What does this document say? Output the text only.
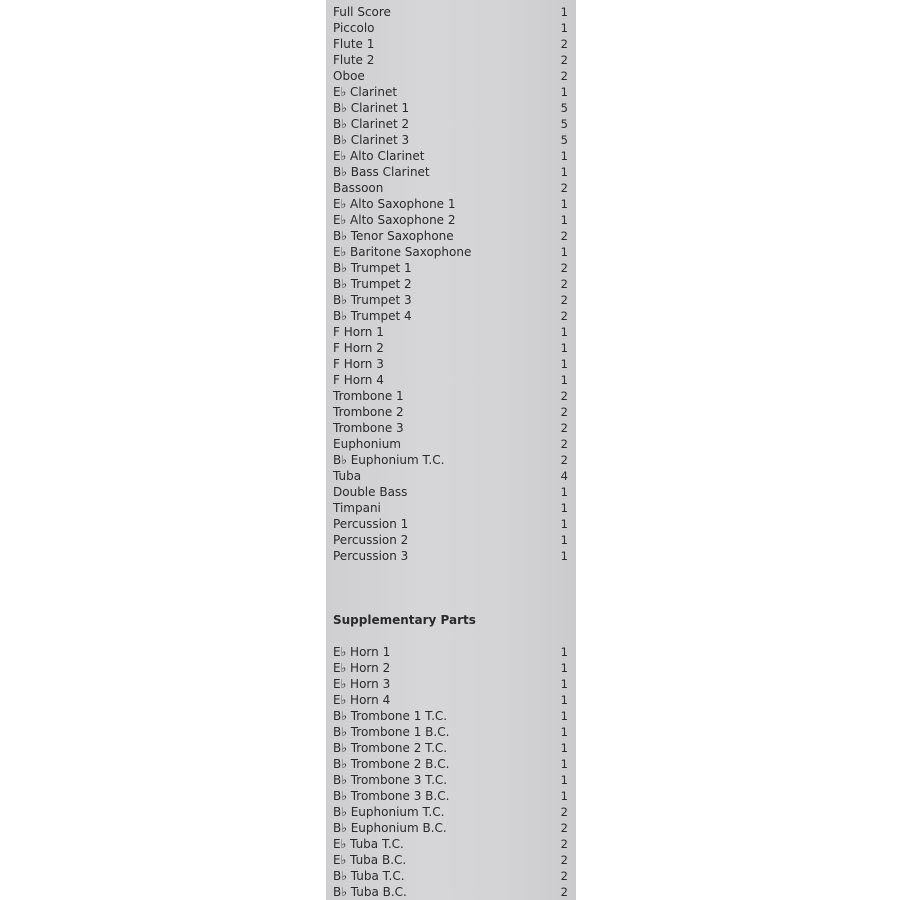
Full Score	1
Piccolo	1
Flute 1	2
Flute 2	2
Oboe	2
E♭ Clarinet	1
B♭ Clarinet 1	5
B♭ Clarinet 2	5
B♭ Clarinet 3	5
E♭ Alto Clarinet	1
B♭ Bass Clarinet	1
Bassoon	2
E♭ Alto Saxophone 1	1
E♭ Alto Saxophone 2	1
B♭ Tenor Saxophone	2
E♭ Baritone Saxophone	1
B♭ Trumpet 1	2
B♭ Trumpet 2	2
B♭ Trumpet 3	2
B♭ Trumpet 4	2
F Horn 1	1
F Horn 2	1
F Horn 3	1
F Horn 4	1
Trombone 1	2
Trombone 2	2
Trombone 3	2
Euphonium	2
B♭ Euphonium T.C.	2
Tuba	4
Double Bass	1
Timpani	1
Percussion 1	1
Percussion 2	1
Percussion 3	1
Supplementary Parts
E♭ Horn 1	1
E♭ Horn 2	1
E♭ Horn 3	1
E♭ Horn 4	1
B♭ Trombone 1 T.C.	1
B♭ Trombone 1 B.C.	1
B♭ Trombone 2 T.C.	1
B♭ Trombone 2 B.C.	1
B♭ Trombone 3 T.C.	1
B♭ Trombone 3 B.C.	1
B♭ Euphonium T.C.	2
B♭ Euphonium B.C.	2
E♭ Tuba T.C.	2
E♭ Tuba B.C.	2
B♭ Tuba T.C.	2
B♭ Tuba B.C.	2
